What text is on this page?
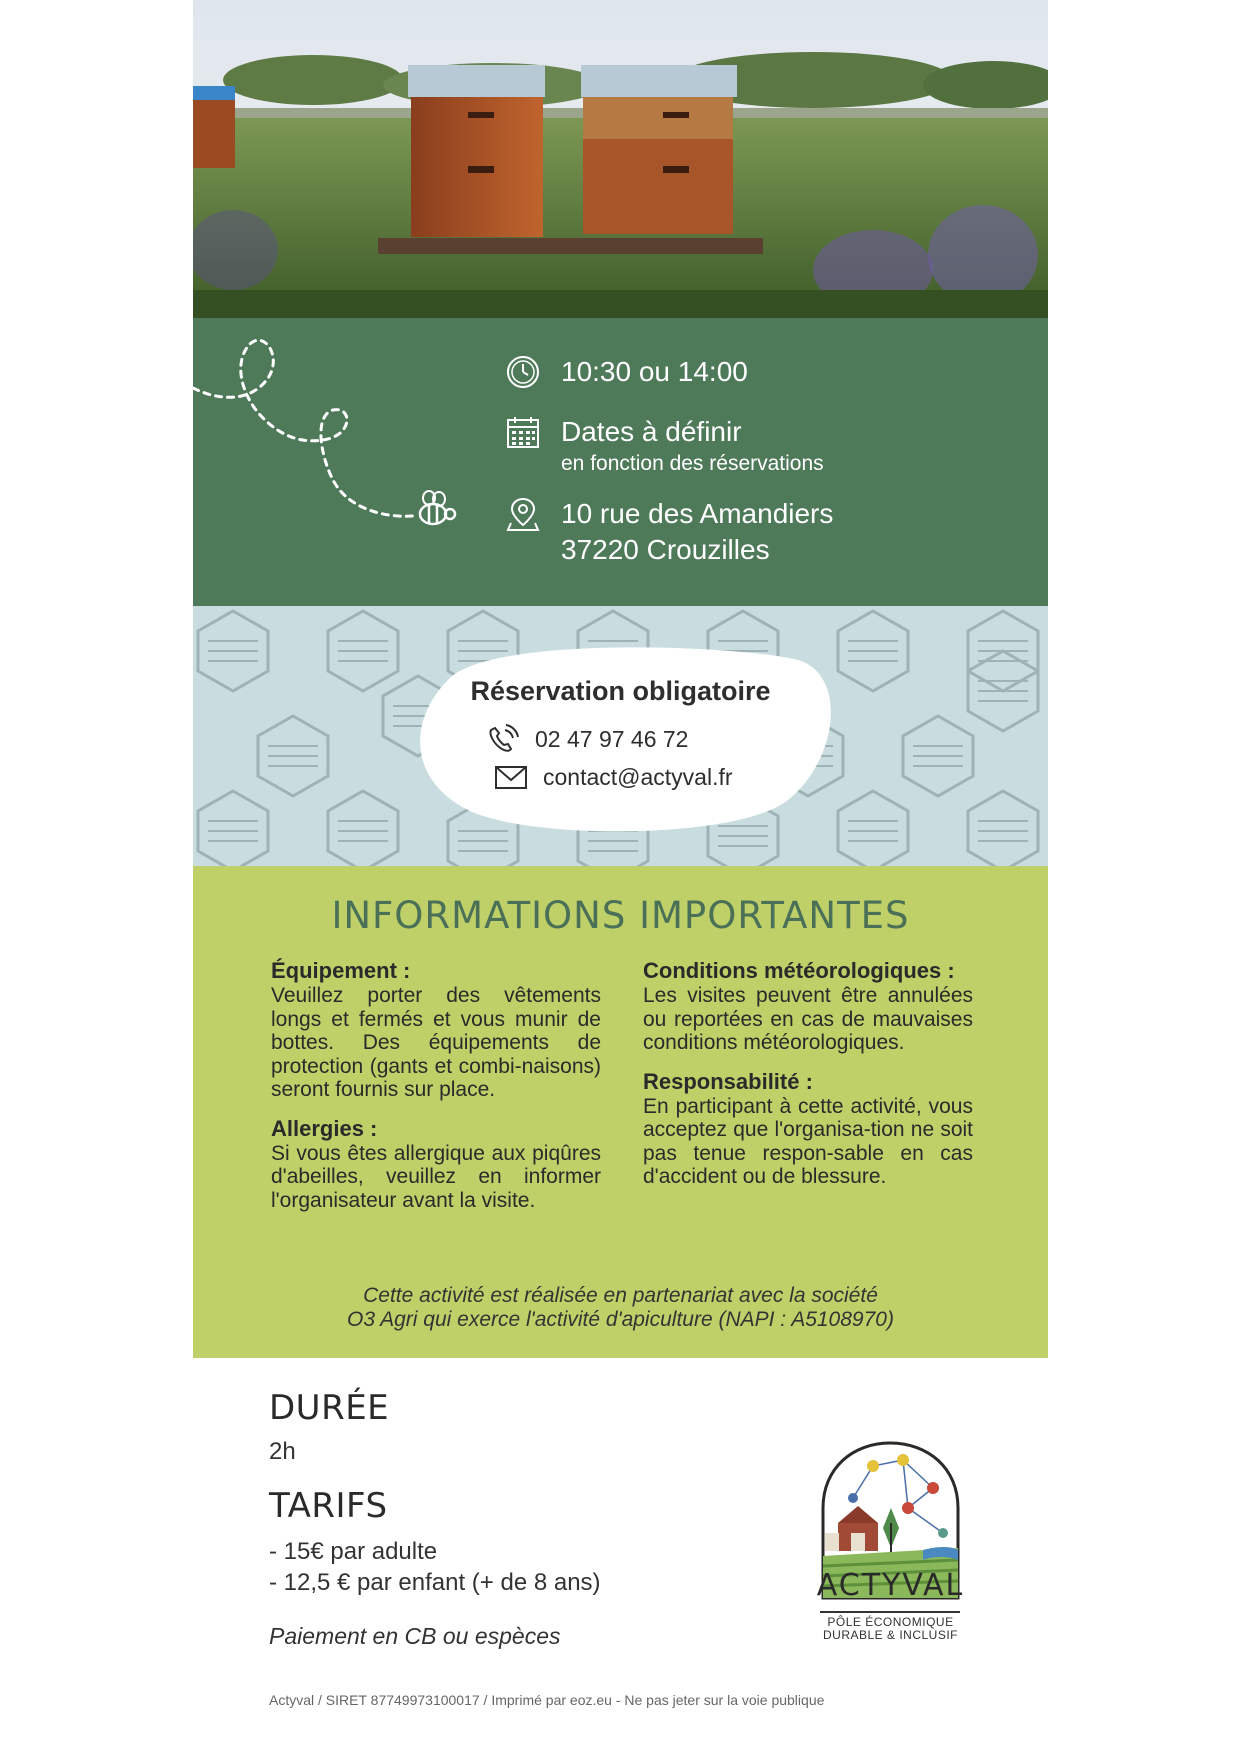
10:30 ou 14:00
Dates à définir
en fonction des réservations
10 rue des Amandiers
37220 Crouzilles
Réservation obligatoire
02 47 97 46 72
contact@actyval.fr
INFORMATIONS IMPORTANTES
Équipement :

Veuillez porter des vêtements longs et fermés et vous munir de bottes. Des équipements de protection (gants et combi-naisons) seront fournis sur place.

Allergies :

Si vous êtes allergique aux piqûres d'abeilles, veuillez en informer l'organisateur avant la visite.

Conditions météorologiques :

Les visites peuvent être annulées ou reportées en cas de mauvaises conditions météorologiques.

Responsabilité :

En participant à cette activité, vous acceptez que l'organisa-tion ne soit pas tenue respon-sable en cas d'accident ou de blessure.

Cette activité est réalisée en partenariat avec la société
O3 Agri qui exerce l'activité d'apiculture (NAPI : A5108970)
DURÉE
2h
TARIFS
- 15€ par adulte
- 12,5 € par enfant (+ de 8 ans)
Paiement en CB ou espèces
Actyval / SIRET 87749973100017 / Imprimé par eoz.eu - Ne pas jeter sur la voie publique
ACTYVAL
PÔLE ÉCONOMIQUE
DURABLE & INCLUSIF
